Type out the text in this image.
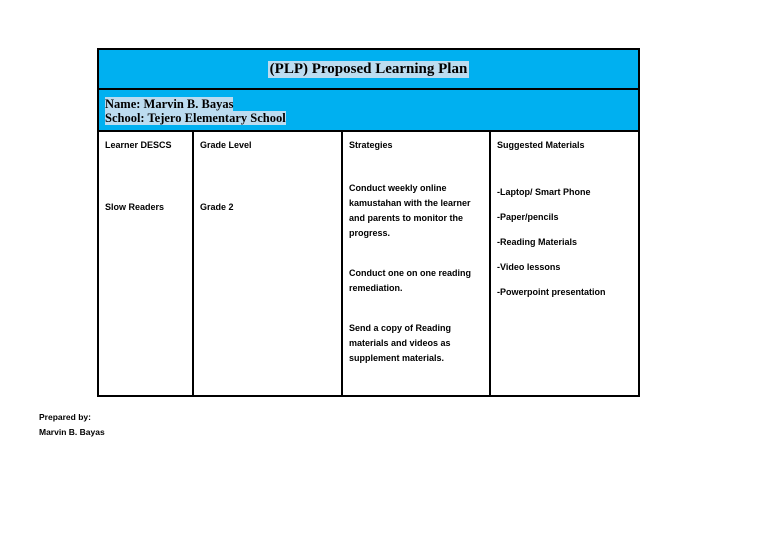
(PLP) Proposed Learning Plan
Name: Marvin B. Bayas
School: Tejero Elementary School
Learner DESCS
Slow Readers
Grade Level
Grade 2
Strategies
Conduct weekly online kamustahan with the learner and parents to monitor the progress.
Conduct one on one reading remediation.
Send a copy of Reading materials and videos as supplement materials.
Suggested Materials
-Laptop/ Smart Phone
-Paper/pencils
-Reading Materials
-Video lessons
-Powerpoint presentation
Prepared by:
Marvin B. Bayas
